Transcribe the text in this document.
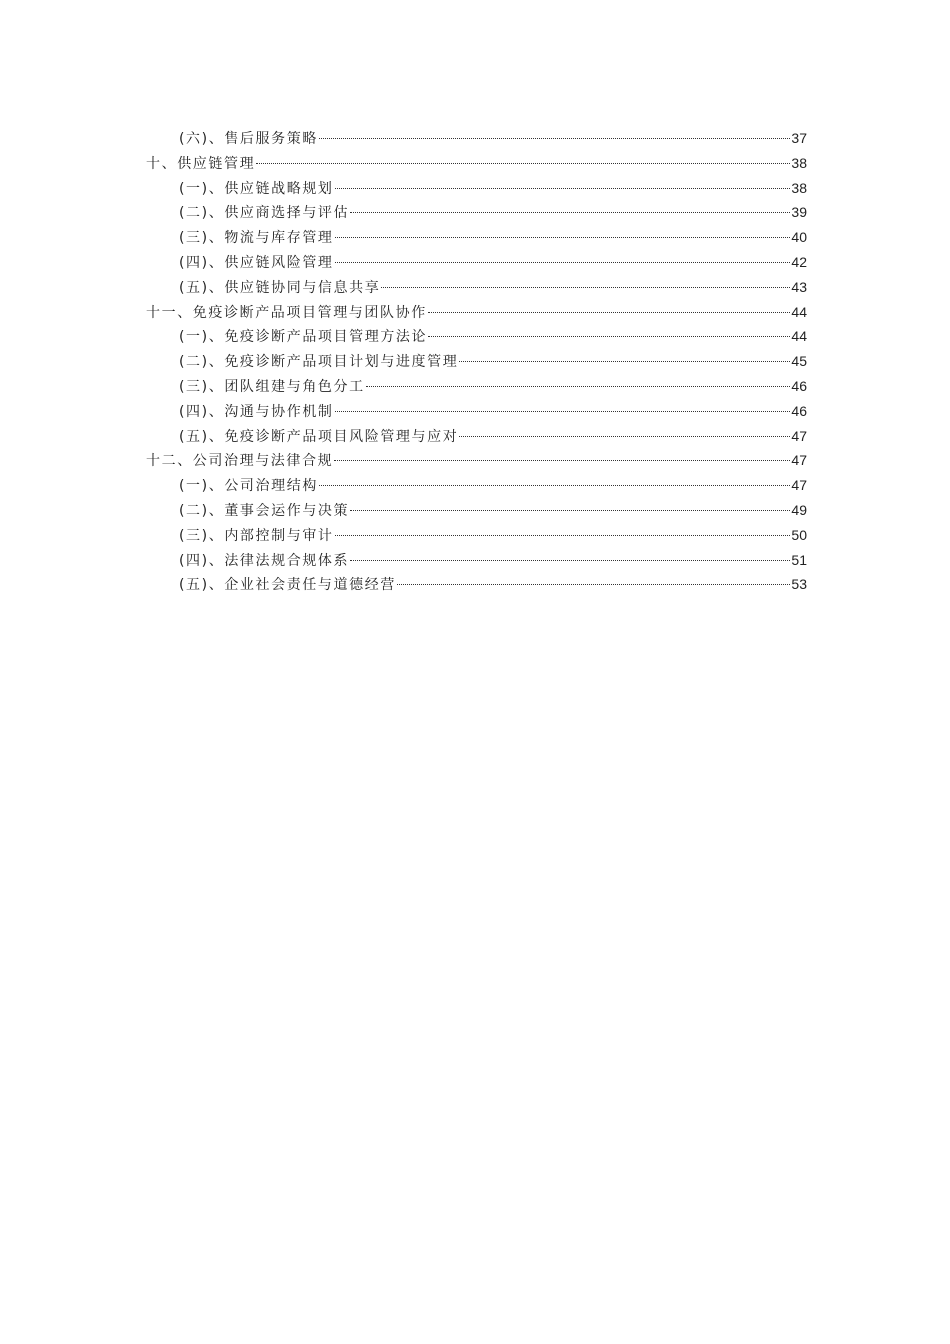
(六)、售后服务策略	37
十、供应链管理	38
(一)、供应链战略规划	38
(二)、供应商选择与评估	39
(三)、物流与库存管理	40
(四)、供应链风险管理	42
(五)、供应链协同与信息共享	43
十一、免疫诊断产品项目管理与团队协作	44
(一)、免疫诊断产品项目管理方法论	44
(二)、免疫诊断产品项目计划与进度管理	45
(三)、团队组建与角色分工	46
(四)、沟通与协作机制	46
(五)、免疫诊断产品项目风险管理与应对	47
十二、公司治理与法律合规	47
(一)、公司治理结构	47
(二)、董事会运作与决策	49
(三)、内部控制与审计	50
(四)、法律法规合规体系	51
(五)、企业社会责任与道德经营	53
